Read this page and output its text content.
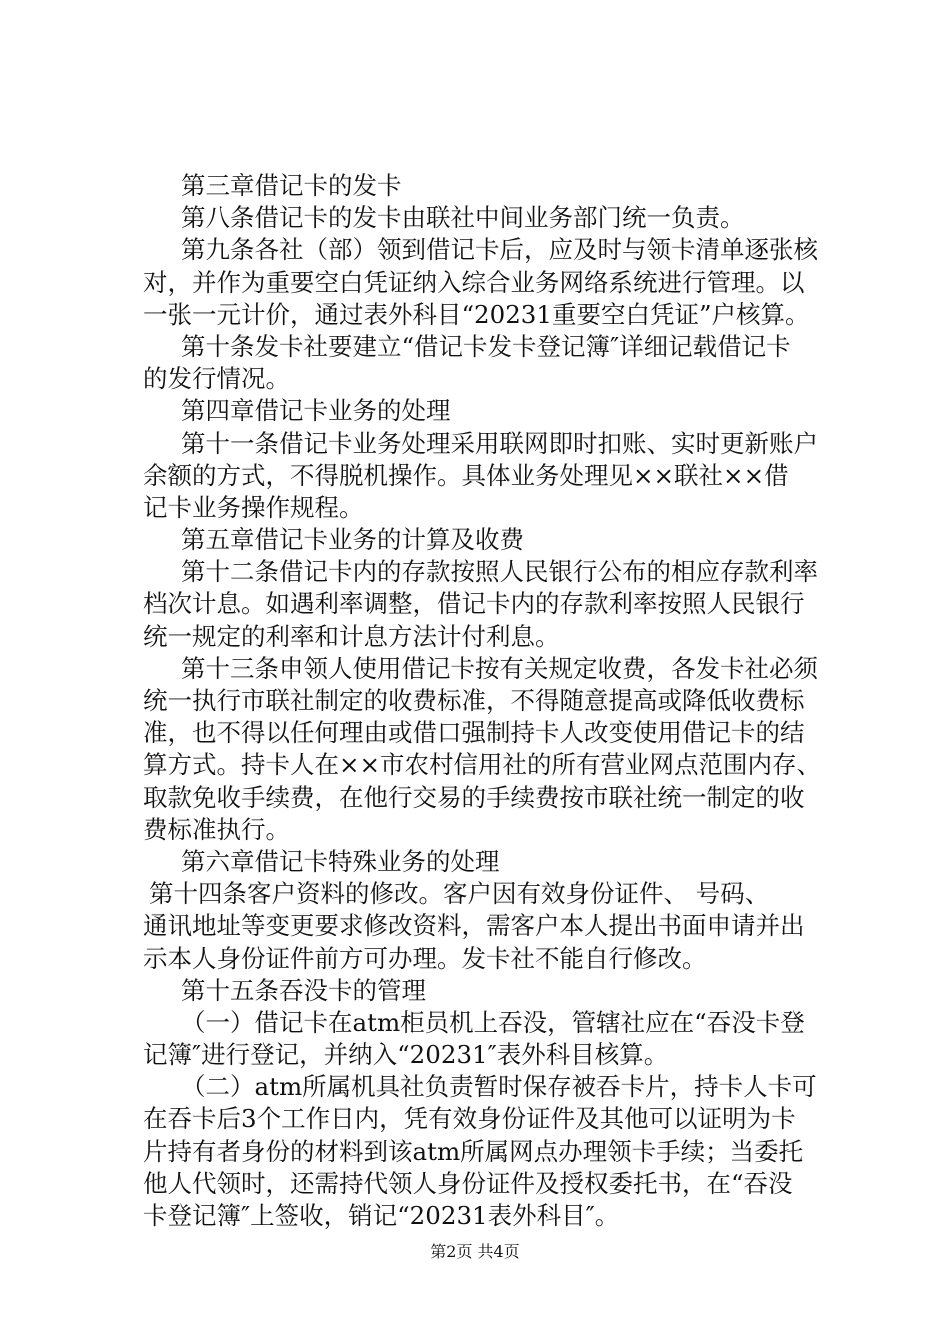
第三章借记卡的发卡
第八条借记卡的发卡由联社中间业务部门统一负责。
第九条各社（部）领到借记卡后，应及时与领卡清单逐张核
对，并作为重要空白凭证纳入综合业务网络系统进行管理。以
一张一元计价，通过表外科目“20231重要空白凭证”户核算。
第十条发卡社要建立“借记卡发卡登记簿″详细记载借记卡
的发行情况。
第四章借记卡业务的处理
第十一条借记卡业务处理采用联网即时扣账、实时更新账户
余额的方式，不得脱机操作。具体业务处理见××联社××借
记卡业务操作规程。
第五章借记卡业务的计算及收费
第十二条借记卡内的存款按照人民银行公布的相应存款利率
档次计息。如遇利率调整，借记卡内的存款利率按照人民银行
统一规定的利率和计息方法计付利息。
第十三条申领人使用借记卡按有关规定收费，各发卡社必须
统一执行市联社制定的收费标准，不得随意提高或降低收费标
准，也不得以任何理由或借口强制持卡人改变使用借记卡的结
算方式。持卡人在××市农村信用社的所有营业网点范围内存、
取款免收手续费，在他行交易的手续费按市联社统一制定的收
费标准执行。
第六章借记卡特殊业务的处理
第十四条客户资料的修改。客户因有效身份证件、 号码、
通讯地址等变更要求修改资料，需客户本人提出书面申请并出
示本人身份证件前方可办理。发卡社不能自行修改。
第十五条吞没卡的管理
（一）借记卡在atm柜员机上吞没，管辖社应在“吞没卡登
记簿″进行登记，并纳入“20231″表外科目核算。
（二）atm所属机具社负责暂时保存被吞卡片，持卡人卡可
在吞卡后3个工作日内，凭有效身份证件及其他可以证明为卡
片持有者身份的材料到该atm所属网点办理领卡手续；当委托
他人代领时，还需持代领人身份证件及授权委托书，在“吞没
卡登记簿″上签收，销记“20231表外科目″。
第2页 共4页
